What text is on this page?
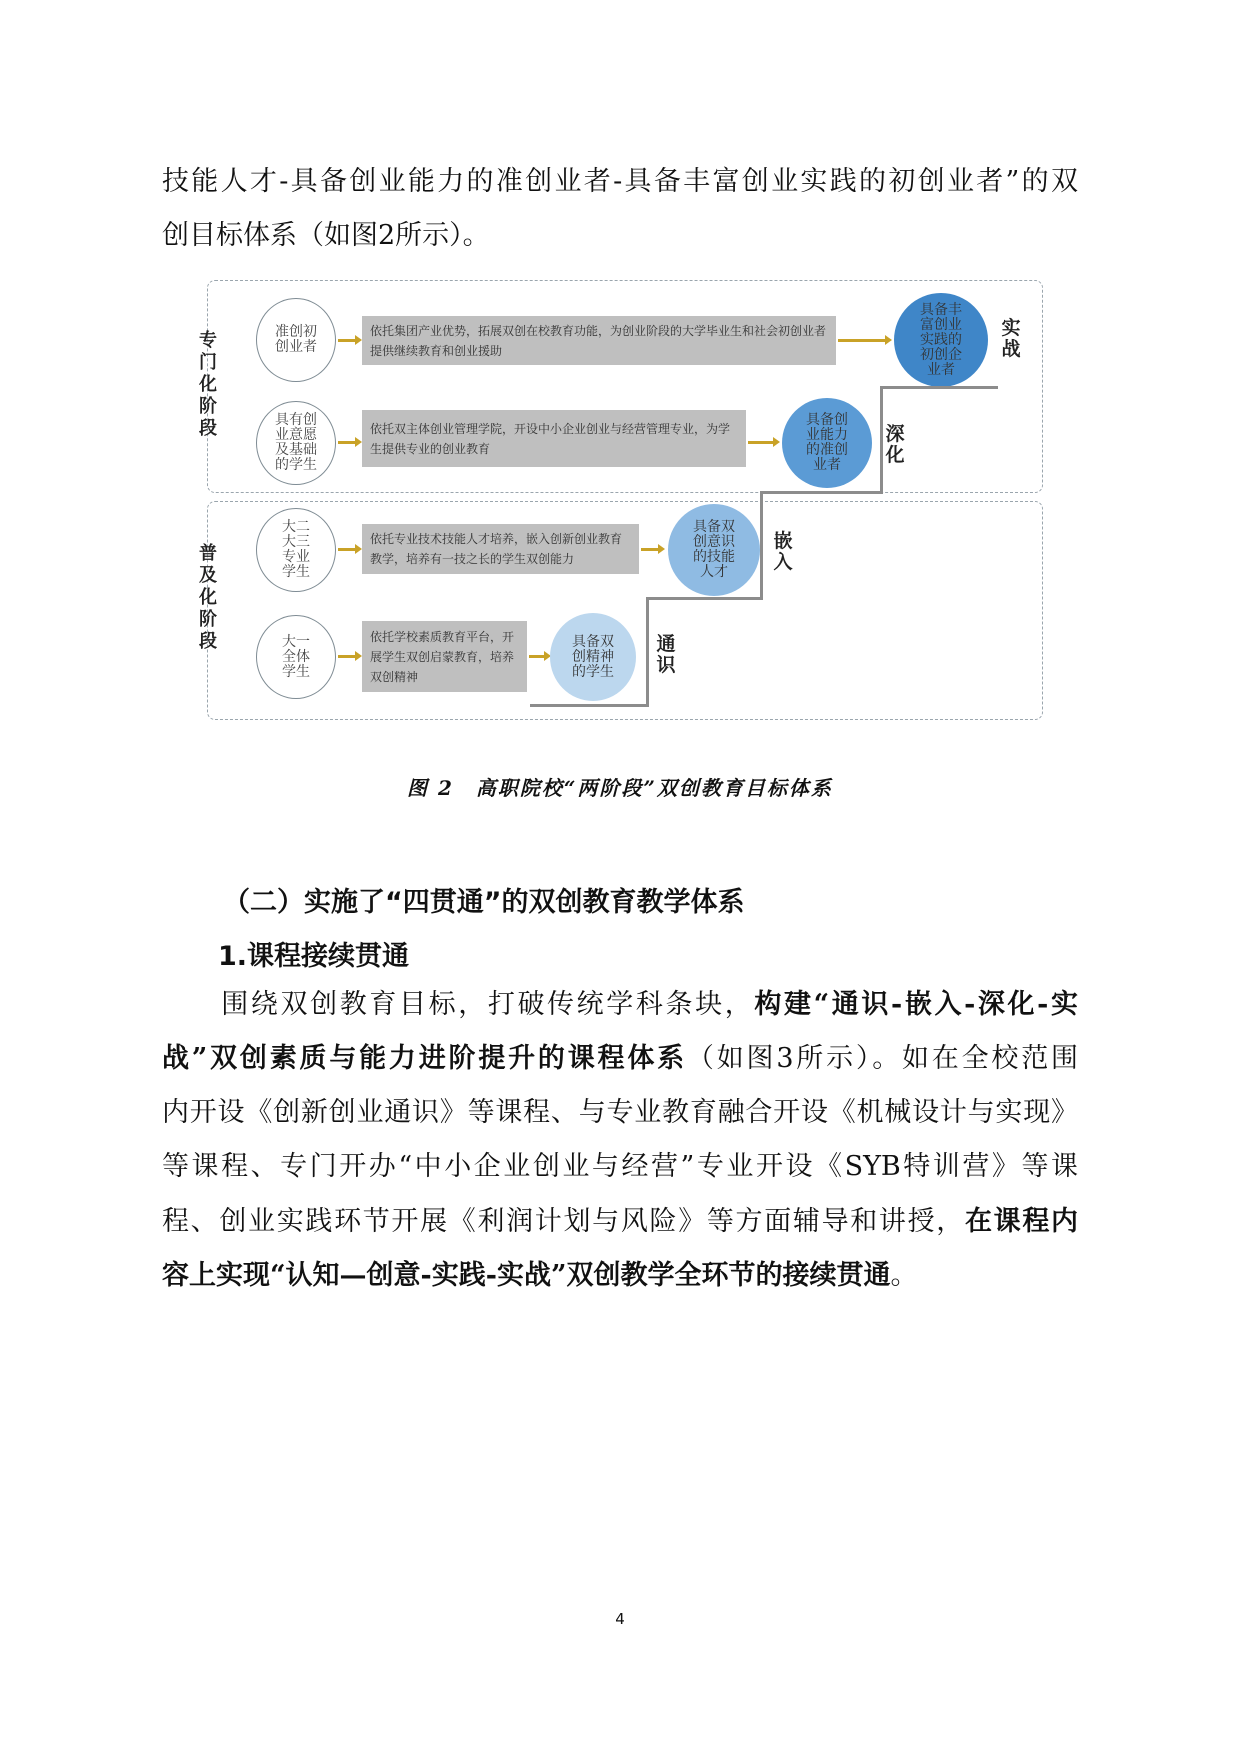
技能人才-具备创业能力的准创业者-具备丰富创业实践的初创业者”的双
创目标体系（如图2所示）。
专门化阶段
普及化阶段
准创初创业者
依托集团产业优势，拓展双创在校教育功能，为创业阶段的大学毕业生和社会初创业者提供继续教育和创业援助
具备丰富创业实践的初创企业者
实战
具有创业意愿及基础的学生
依托双主体创业管理学院，开设中小企业创业与经营管理专业，为学生提供专业的创业教育
具备创业能力的准创业者
深化
大二大三专业学生
依托专业技术技能人才培养，嵌入创新创业教育教学，培养有一技之长的学生双创能力
具备双创意识的技能人才
嵌入
大一全体学生
依托学校素质教育平台，开展学生双创启蒙教育，培养双创精神
具备双创精神的学生
通识
图 2　高职院校“两阶段”双创教育目标体系
（二）实施了“四贯通”的双创教育教学体系
1.课程接续贯通
　　围绕双创教育目标，打破传统学科条块，构建“通识-嵌入-深化-实
战”双创素质与能力进阶提升的课程体系（如图3所示）。如在全校范围
内开设《创新创业通识》等课程、与专业教育融合开设《机械设计与实现》
等课程、专门开办“中小企业创业与经营”专业开设《SYB特训营》等课
程、创业实践环节开展《利润计划与风险》等方面辅导和讲授，在课程内
容上实现“认知—创意-实践-实战”双创教学全环节的接续贯通。
4
